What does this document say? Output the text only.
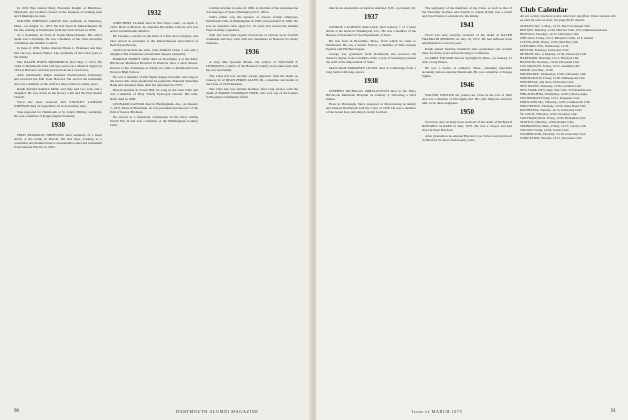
In 1932 Hen started Mary Bowdoin Knight of Baltimore, Maryland, and brothers carried on the business of making suits and trimmings for men.

WALTER JOHNSON GROVE died suddenly in Wellesley, Mass., on August 11, 1972. He had lived in Massachusetts all his life, retiring at Dartmouth from the Tuck School in 1958.

As a freshman, he lived in South Massachusetts. His wife's death was a hardship. He was a member of the class executive committee and Alumni Council.

In June of 1930, Walter married Helen L. Brubaker and they had one son, Robert Walter. The sympathy of the Class goes to his family.

DR. RALPH OWEN BRODERICK died May 7, 1972. He came to Dartmouth from Chicago and took a Medical degree in 1934 at Harvard, and later practiced in the Lowell area.

After Dartmouth, Ralph attended Northwestern University and received his MD from Harvard. He served his internship and was a member of the staff at Lahey Clinic for many years.

Ralph married Kathryn Miller and they had two sons and a daughter. He was active in the Rotary Club and the First Parish Church.

Word has been received that STANLEY LAMSON JOHNSON died on September 10 in Scottsdale, Ariz.

Stan prepared for Dartmouth at St. John's Military Academy. He was a member of Kappa Sigma fraternity.

1930

FRED FRANKLIN JOHNSTON died suddenly of a heart attack at his home in Detroit. He had been working as a consultant and manufacturer's representative since his retirement from General Electric in 1962.

1932

JOHN BERT CLARK died in Van Nuys, Calif., on April 2, 1972. Born in Boston, he attended Brookline schools and was active in Dartmouth athletics.

He became a partner in the firm of Clark and Company, and later served as president of the Massachusetts Association of Real Estate Boards.

Survivors include his wife, Jane Kimball Clark, a son and a daughter. His classmates extend their deepest sympathy.

HAROLD SIDNEY MAY died on November 4 at the Mary Hitchcock Memorial Hospital in Hanover after a short illness. Known to his classmates as Sandy, he came to Dartmouth from Newton High School.

He was a member of Phi Sigma Kappa fraternity and sang in the Glee Club. After graduation he joined the National Shawmut Bank and remained there until his retirement in 1970.

Harold married in Forest Hill, he sang in the Glee Club and was a member of Holy Trinity Episcopal Church. His wife, Ruth, died in 1968.

LEONARD KANTOR died in Birmingham, Ala., on January 7, 1972. Born in Brookline, he was president and director of the firm of Kantor Brothers.

He served as a lieutenant commander in the Navy during World War II and was a member of the Birmingham Country Club.

coming October to retire in 1969, at the time of his retirement he was manager of Sears Washington D.C. office.

Tom's father was the sponsor of Jonas's former employer, Dartmouth Club of Philadelphia in 1960 and president in 1962. He was an assistant class agent for 10 years and served the Alumni Fund in many capacities.

Tom and Jean held regular drawdown at various local football weekends and they were with his classmates in Hanover for many reunions.

1936

A long time Ipswich Maine, the widow of WILLIAM F. LINDQUIST, a native of the Barnard Country, had come back with her son and family.

The Class has lost another strong supporter with the death on January 22 of DEAN PERRY ALLEN JR., a member and leader of the Class of 1936 Reunion.

The Class has lost another member, after long service with the death of HARRY CHAPMAN FORD, who was one of the leaders in Brooklyn community affairs.

90	DARTMOUTH ALUMNI MAGAZINE

died in an automobile accident in Ashland, N.H., on January 26.

1937

GEORGE CALHOUN WALLACE died January 7 of a heart attack at his home in Washington, D.C. He was a member of the Bureau of Personnel of the Department of State.

He was born in Brookline, Mass., from which he came to Dartmouth. He was a Senior Fellow, a member of Delta Kappa Epsilon and Phi Beta Kappa.

George was graduated from Dartmouth and received his master's degree from Columbia. After a year of teaching he joined the staff of the Department of State.

MALCOLM MORRISEY OLSEN died at Cambridge from a long battle with lung cancer.

1938

STEPHEN NICHOLAS MIHALOVITCH died at the Mary Hitchcock Memorial Hospital on January 3, following a brief illness.

Born in Pittsburgh, Steve prepared at Mercersburg Academy and entered Dartmouth with the Class of 1938. He was a member of the Green Key and played varsity football.

The sympathy of the members of the Class, as well as that of the fraternity brothers and friends to whom Ralph was a warm and loyal friend, is extended to his family.

1941

Word was only recently received of the death of RALPH FRANKLIN PERKINS on July 10, 1972. He had suffered from emphysema for several years.

Ralph joined Sterling Chemical after graduation and worked there for many years before moving to California.

CLARKE FOLSOM died in Springfield, Mass., on January 31 after a long illness.

He was a native of Amherst, Mass., attending Deerfield Academy before entering Dartmouth. He was a member of Kappa Sigma.

1946

WALTER FOWLER JR. joined our Class in the fall of 1942 and was a member of Phi Sigma Psi. His wife Marjorie survives him, as do three daughters.

1950

Word has only recently been received of the death of DONALD HOWARD GLAZER in May 1972. He was a lawyer and had lived in West Hartford.

After graduation he entered Harvard Law School and practiced in Hartford for more than twenty years.

Club Calendar
All are weekly luncheon unless otherwise specified. Those marked with an asterisk meet at noon. See page 80 for details.
ALBANY, Dec. 3, Mon., 12:15, The Fort Orange Club
BOSTON, Thursday, 12:30, Harvard Club, 374 Commonwealth Ave.
BUFFALO, Tuesdays, 12:15, University Club
CHICAGO, Friday, 12:15, Mildred's Grille, 14 E. Adams
CLEVELAND, Friday, 12:00, Mid-Day Club
CONCORD, N.H., Wednesday, 12:30
DENVER, Tuesdays, University Club
DETROIT, Dec. 5, Monday, 12:30, University Club
HARTFORD, Thursday, 12:15, Hartford Club
HOUSTON, Tuesdays, 12:00, Petroleum Club
LOS ANGELES, Friday, 12:15, Jonathan Club
MIAMI, 2nd Tues., 12:00
MILWAUKEE, Wednesday, 12:00, University Club
MINNEAPOLIS, Friday, 12:00, Minneapolis Club
MONTREAL, 2nd Wed., University Club
NEW HAVEN, Thursday, 12:30, Graduate Club
NEW YORK CITY, daily, Yale Club, 50 Vanderbilt Ave.
PHILADELPHIA, Wednesday, 12:00, Union League
PITTSBURGH, Friday, 12:15, Duquesne Club
PORTLAND, Me., Thursday, 12:00, Cumberland Club
PROVIDENCE, Thursday, 12:00, Turks Head Club
ROCHESTER, Tuesday, 12:15, University Club
ST. LOUIS, Thursday, 12:00, Noonday Club
SAN FRANCISCO, Friday, 12:00, Bohemian Club
SEATTLE, Thursday, 12:00, Rainier Club
SPRINGFIELD, Mass., Friday, 12:15, Colony Club
TOLEDO, Friday, 12:00, Toledo Club
WASHINGTON, Thursday, 12:30, University Club
WORCESTER, Tuesday, 12:15, Worcester Club
91
Issue of MARCH 1973
